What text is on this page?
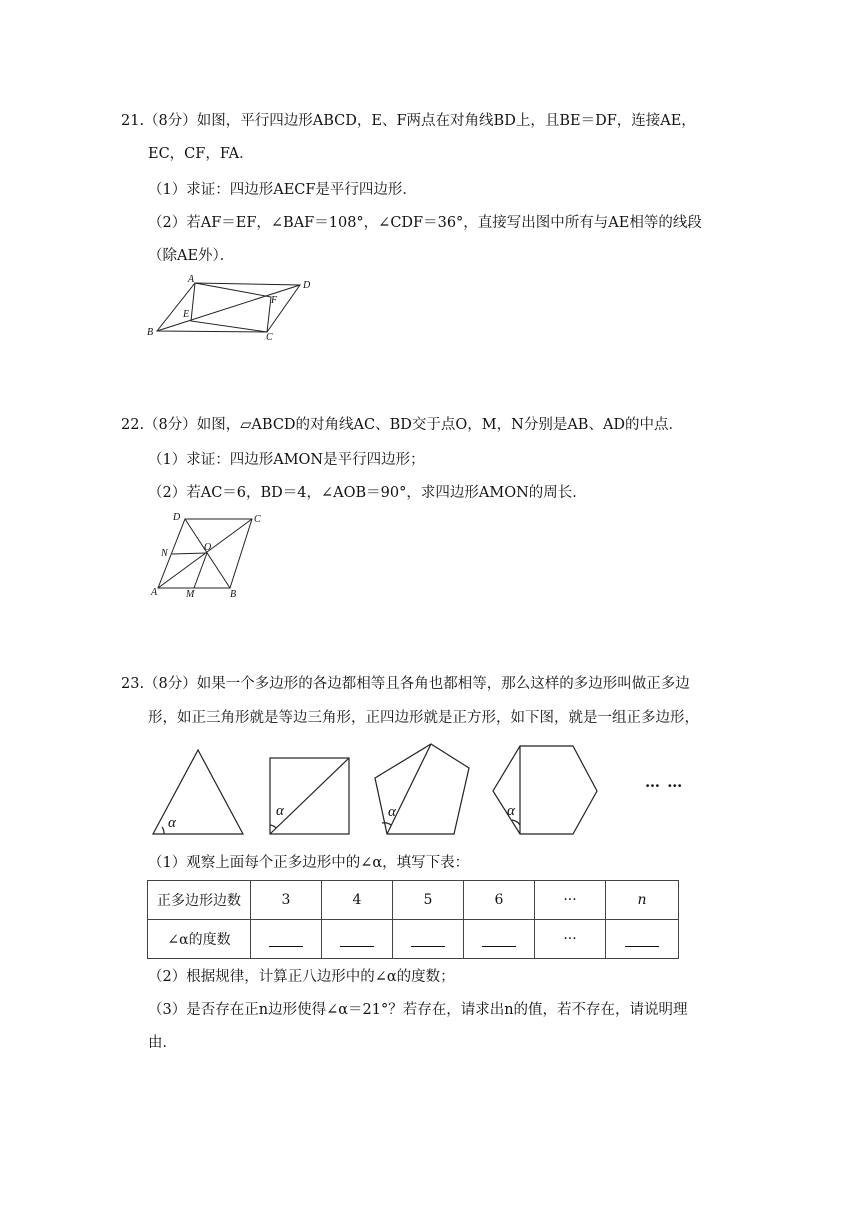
21.（8分）如图，平行四边形ABCD，E、F两点在对角线BD上，且BE＝DF，连接AE，
EC，CF，FA．
（1）求证：四边形AECF是平行四边形．
（2）若AF＝EF，∠BAF＝108°，∠CDF＝36°，直接写出图中所有与AE相等的线段
（除AE外）．
A
D
E
F
B	C
22.（8分）如图，▱ABCD的对角线AC、BD交于点O，M，N分别是AB、AD的中点．
（1）求证：四边形AMON是平行四边形；
（2）若AC＝6，BD＝4，∠AOB＝90°，求四边形AMON的周长．
D	C
N
O
A	M	B
23.（8分）如果一个多边形的各边都相等且各角也都相等，那么这样的多边形叫做正多边
形，如正三角形就是等边三角形，正四边形就是正方形，如下图，就是一组正多边形，
α
α	α	α
… …
（1）观察上面每个正多边形中的∠α，填写下表：
正多边形边数	3	4	5	6	···	n
∠α的度数					···	
（2）根据规律，计算正八边形中的∠α的度数；
（3）是否存在正n边形使得∠α＝21°？若存在，请求出n的值，若不存在，请说明理
由．
